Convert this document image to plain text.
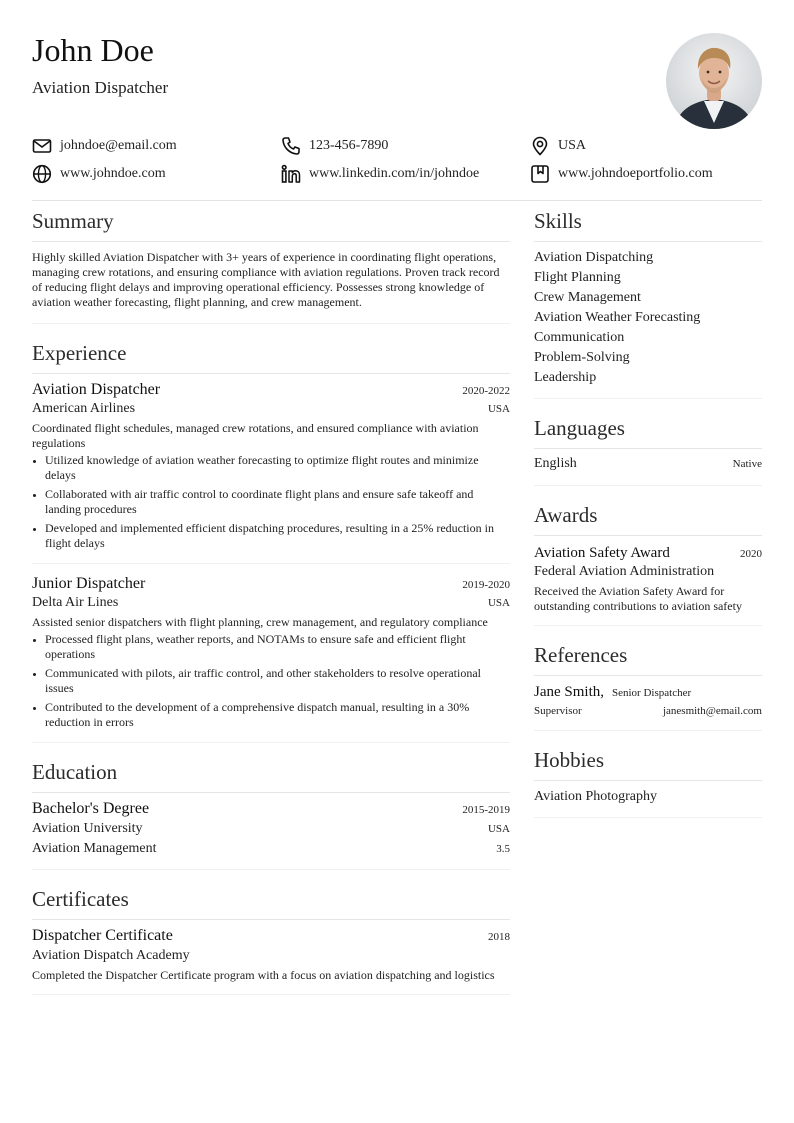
John Doe
Aviation Dispatcher
johndoe@email.com	123-456-7890	USA
www.johndoe.com	www.linkedin.com/in/johndoe	www.johndoeportfolio.com
Summary
Highly skilled Aviation Dispatcher with 3+ years of experience in coordinating flight operations, managing crew rotations, and ensuring compliance with aviation regulations. Proven track record of reducing flight delays and improving operational efficiency. Possesses strong knowledge of aviation weather forecasting, flight planning, and crew management.
Experience
Aviation Dispatcher	2020-2022
American Airlines	USA
Coordinated flight schedules, managed crew rotations, and ensured compliance with aviation regulations
• Utilized knowledge of aviation weather forecasting to optimize flight routes and minimize delays
• Collaborated with air traffic control to coordinate flight plans and ensure safe takeoff and landing procedures
• Developed and implemented efficient dispatching procedures, resulting in a 25% reduction in flight delays
Junior Dispatcher	2019-2020
Delta Air Lines	USA
Assisted senior dispatchers with flight planning, crew management, and regulatory compliance
• Processed flight plans, weather reports, and NOTAMs to ensure safe and efficient flight operations
• Communicated with pilots, air traffic control, and other stakeholders to resolve operational issues
• Contributed to the development of a comprehensive dispatch manual, resulting in a 30% reduction in errors
Education
Bachelor's Degree	2015-2019
Aviation University	USA
Aviation Management	3.5
Certificates
Dispatcher Certificate	2018
Aviation Dispatch Academy
Completed the Dispatcher Certificate program with a focus on aviation dispatching and logistics
Skills
Aviation Dispatching
Flight Planning
Crew Management
Aviation Weather Forecasting
Communication
Problem-Solving
Leadership
Languages
English	Native
Awards
Aviation Safety Award	2020
Federal Aviation Administration
Received the Aviation Safety Award for outstanding contributions to aviation safety
References
Jane Smith, Senior Dispatcher
Supervisor	janesmith@email.com
Hobbies
Aviation Photography
